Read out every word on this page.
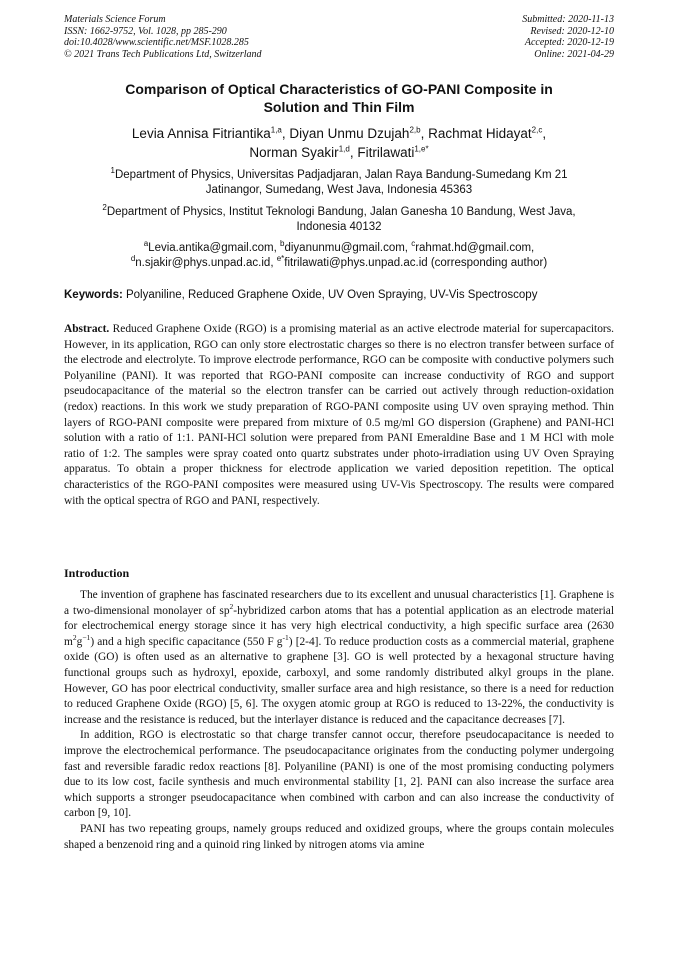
Materials Science Forum
ISSN: 1662-9752, Vol. 1028, pp 285-290
doi:10.4028/www.scientific.net/MSF.1028.285
© 2021 Trans Tech Publications Ltd, Switzerland
Submitted: 2020-11-13
Revised: 2020-12-10
Accepted: 2020-12-19
Online: 2021-04-29
Comparison of Optical Characteristics of GO-PANI Composite in
Solution and Thin Film
Levia Annisa Fitriantika$^{1,a}$, Diyan Unmu Dzujah$^{2,b}$, Rachmat Hidayat$^{2,c}$,
Norman Syakir$^{1,d}$, Fitrilawati$^{1,e*}$
$^1$Department of Physics, Universitas Padjadjaran, Jalan Raya Bandung-Sumedang Km 21
Jatinangor, Sumedang, West Java, Indonesia 45363
$^2$Department of Physics, Institut Teknologi Bandung, Jalan Ganesha 10 Bandung, West Java,
Indonesia 40132
$^a$Levia.antika@gmail.com, $^b$diyanunmu@gmail.com, $^c$rahmat.hd@gmail.com,
$^d$n.sjakir@phys.unpad.ac.id, $^{e*}$fitrilawati@phys.unpad.ac.id (corresponding author)
Keywords: Polyaniline, Reduced Graphene Oxide, UV Oven Spraying, UV-Vis Spectroscopy
Abstract. Reduced Graphene Oxide (RGO) is a promising material as an active electrode material for supercapacitors. However, in its application, RGO can only store electrostatic charges so there is no electron transfer between surface of the electrode and electrolyte. To improve electrode performance, RGO can be composite with conductive polymers such Polyaniline (PANI). It was reported that RGO-PANI composite can increase conductivity of RGO and support pseudocapacitance of the material so the electron transfer can be carried out actively through reduction-oxidation (redox) reactions. In this work we study preparation of RGO-PANI composite using UV oven spraying method. Thin layers of RGO-PANI composite were prepared from mixture of 0.5 mg/ml GO dispersion (Graphene) and PANI-HCl solution with a ratio of 1:1. PANI-HCl solution were prepared from PANI Emeraldine Base and 1 M HCl with mole ratio of 1:2. The samples were spray coated onto quartz substrates under photo-irradiation using UV Oven Spraying apparatus. To obtain a proper thickness for electrode application we varied deposition repetition. The optical characteristics of the RGO-PANI composites were measured using UV-Vis Spectroscopy. The results were compared with the optical spectra of RGO and PANI, respectively.
Introduction

The invention of graphene has fascinated researchers due to its excellent and unusual characteristics [1]. Graphene is a two-dimensional monolayer of $sp^2$-hybridized carbon atoms that has a potential application as an electrode material for electrochemical energy storage since it has very high electrical conductivity, a high specific surface area (2630 $m^2g^{-1}$) and a high specific capacitance (550 F $g^{-1}$) [2-4]. To reduce production costs as a commercial material, graphene oxide (GO) is often used as an alternative to graphene [3]. GO is well protected by a hexagonal structure having functional groups such as hydroxyl, epoxide, carboxyl, and some randomly distributed alkyl groups in the plane. However, GO has poor electrical conductivity, smaller surface area and high resistance, so there is a need for reduction to reduced Graphene Oxide (RGO) [5, 6]. The oxygen atomic group at RGO is reduced to 13-22%, the conductivity is increase and the resistance is reduced, but the interlayer distance is reduced and the capacitance decreases [7].

In addition, RGO is electrostatic so that charge transfer cannot occur, therefore pseudocapacitance is needed to improve the electrochemical performance. The pseudocapacitance originates from the conducting polymer undergoing fast and reversible faradic redox reactions [8]. Polyaniline (PANI) is one of the most promising conducting polymers due to its low cost, facile synthesis and much environmental stability [1, 2]. PANI can also increase the surface area which supports a stronger pseudocapacitance when combined with carbon and can also increase the conductivity of carbon [9, 10].

PANI has two repeating groups, namely groups reduced and oxidized groups, where the groups contain molecules shaped a benzenoid ring and a quinoid ring linked by nitrogen atoms via amine
